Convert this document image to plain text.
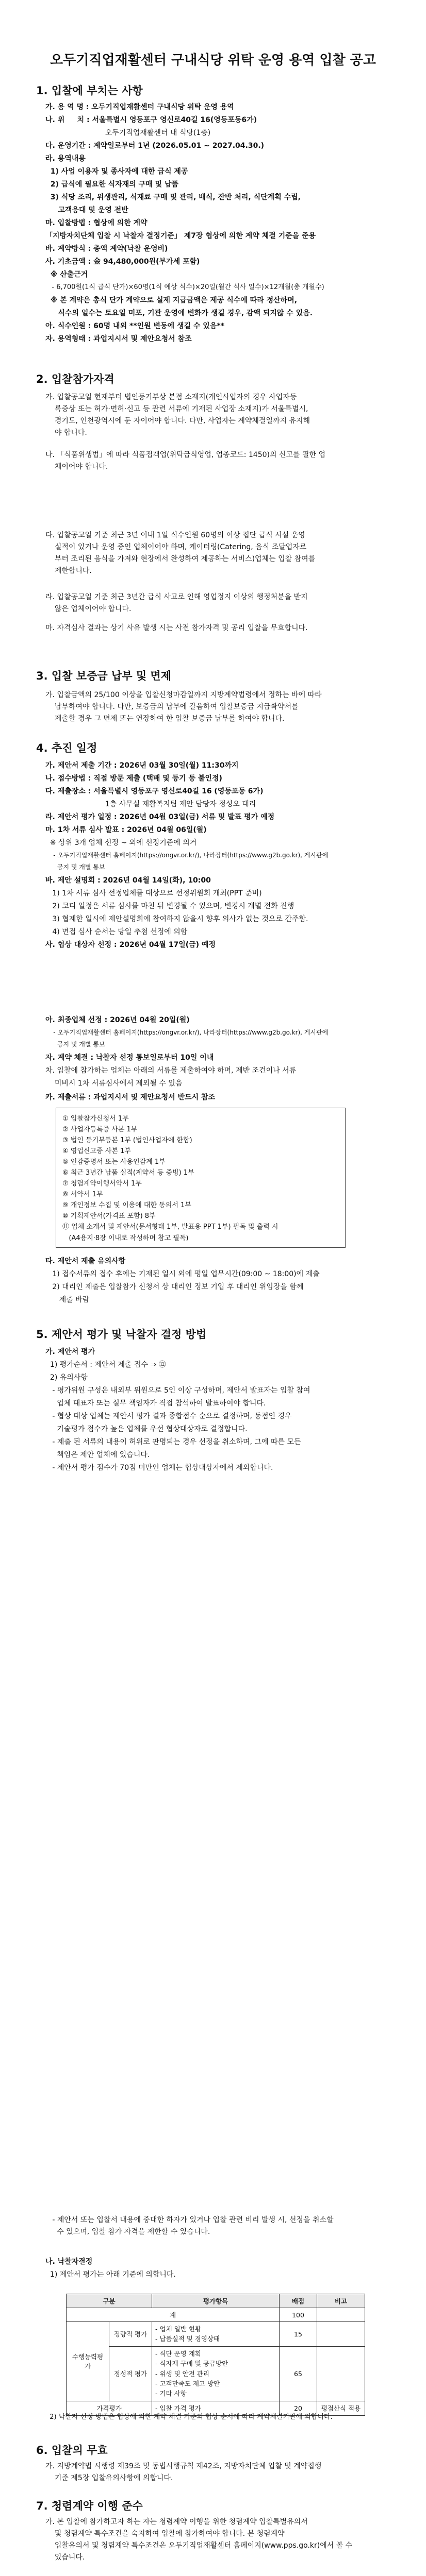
오두기직업재활센터 구내식당 위탁 운영 용역 입찰 공고
1. 입찰에 부치는 사항
가. 용 역 명 : 오두기직업재활센터 구내식당 위탁 운영 용역
나. 위     치 : 서울특별시 영등포구 영신로40길 16(영등포동6가)
오두기직업재활센터 내 식당(1층)
다. 운영기간 : 계약일로부터 1년 (2026.05.01 ~ 2027.04.30.)
라. 용역내용
1) 사업 이용자 및 종사자에 대한 급식 제공
2) 급식에 필요한 식자재의 구매 및 납품
3) 식당 조리, 위생관리, 식재료 구매 및 관리, 배식, 잔반 처리, 식단계획 수립,
고객응대 및 운영 전반
마. 입찰방법 : 협상에 의한 계약
「지방자치단체 입찰 시 낙찰자 결정기준」 제7장 협상에 의한 계약 체결 기준을 준용
바. 계약방식 : 총액 계약(낙찰 운영비)
사. 기초금액 : 金 94,480,000원(부가세 포함)
※ 산출근거
- 6,700원(1식 급식 단가)×60명(1식 예상 식수)×20일(월간 식사 일수)×12개월(총 개월수)
※ 본 계약은 총식 단가 계약으로 실제 지급금액은 제공 식수에 따라 정산하며,
식수의 일수는 토요일 미포, 기관 운영에 변화가 생길 경우, 감액 되지않 수 있음.
아. 식수인원 : 60명 내외 **인원 변동에 생길 수 있음**
자. 용역형태 : 과업지시서 및 제안요청서 참조
2. 입찰참가자격
가. 입찰공고일 현재부터 법인등기부상 본점 소재지(개인사업자의 경우 사업자등
록증상 또는 허가·면허·신고 등 관련 서류에 기재된 사업장 소재지)가 서울특별시,
경기도, 인천광역시에 둔 자이어야 합니다. 다만, 사업자는 계약체결일까지 유지해
야 합니다.
나. 「식품위생법」에 따라 식품접객업(위탁급식영업, 업종코드: 1450)의 신고를 필한 업
체이어야 합니다.
다. 입찰공고일 기준 최근 3년 이내 1일 식수인원 60명의 이상 집단 급식 시설 운영
실적이 있거나 운영 중인 업체이어야 하며, 케이터링(Catering, 음식 조달업자로
부터 조리된 음식을 가져와 현장에서 완성하여 제공하는 서비스)업체는 입찰 참여를
제한합니다.
라. 입찰공고일 기준 최근 3년간 급식 사고로 인해 영업정지 이상의 행정처분을 받지
않은 업체이어야 합니다.
마. 자격심사 결과는 상기 사유 발생 시는 사전 참가자격 및 공리 입찰을 무효합니다.
3. 입찰 보증금 납부 및 면제
가. 입찰금액의 25/100 이상을 입찰신청마감일까지 지방계약법령에서 정하는 바에 따라
납부하여야 합니다. 다만, 보증금의 납부에 갈음하여 입찰보증금 지급확약서를
제출할 경우 그 면제 또는 연장하여 한 입찰 보증금 납부를 하여야 합니다.
4. 추진 일정
가. 제안서 제출 기간 : 2026년 03월 30일(월) 11:30까지
나. 접수방법 : 직접 방문 제출 (택배 및 등기 등 불인정)
다. 제출장소 : 서울특별시 영등포구 영신로40길 16 (영등포동 6가)
1층 사무실 재활복지팀 제안 담당자 정성오 대리
라. 제안서 평가 일정 : 2026년 04월 03일(금) 서류 및 발표 평가 예정
마. 1차 서류 심사 발표 : 2026년 04월 06일(월)
※ 상위 3개 업체 선정 ~ 외에 선정기준에 의거
- 오두기직업재활센터 홈페이지(https://ongvr.or.kr/), 나라장터(https://www.g2b.go.kr), 게시판에
공지 및 개별 통보
바. 제안 설명회 : 2026년 04월 14일(화), 10:00
1) 1차 서류 심사 선정업체를 대상으로 선정위원회 개최(PPT 준비)
2) 코디 일정은 서류 심사를 마친 뒤 변경될 수 있으며, 변경시 개별 전화 진행
3) 협제한 일시에 제안설명회에 참여하지 않을시 향후 의사가 없는 것으로 간주함.
4) 면접 심사 순서는 당일 추첨 선정에 의함
사. 협상 대상자 선정 : 2026년 04월 17일(금) 예정
아. 최종업체 선정 : 2026년 04월 20일(월)
- 오두기직업재활센터 홈페이지(https://ongvr.or.kr/), 나라장터(https://www.g2b.go.kr), 게시판에
공지 및 개별 통보
자. 계약 체결 : 낙찰자 선정 통보일로부터 10일 이내
차. 입찰에 참가하는 업체는 아래의 서류를 제출하여야 하며, 제반 조건이나 서류
미비시 1차 서류심사에서 제외될 수 있음
카. 제출서류 : 과업지시서 및 제안요청서 반드시 참조
① 입찰참가신청서 1부
② 사업자등록증 사본 1부
③ 법인 등기부등본 1부 (법인사업자에 한함)
④ 영업신고증 사본 1부
⑤ 인감증명서 또는 사용인감계 1부
⑥ 최근 3년간 납품 실적(계약서 등 증빙) 1부
⑦ 청렴계약이행서약서 1부
⑧ 서약서 1부
⑨ 개인정보 수집 및 이용에 대한 동의서 1부
⑩ 기획제안서(가격표 포함) 8부
⑪ 업체 소개서 및 제안서(문서형태 1부, 발표용 PPT 1부) 필독 및 출력 시
(A4용지·8장 이내로 작성하며 참고 필독)
타. 제안서 제출 유의사항
1) 접수서류의 접수 후에는 기재된 일시 외에 평일 업무시간(09:00 ~ 18:00)에 제출
2) 대리인 제출은 입찰참가 신청서 상 대리인 정보 기입 후 대리인 위임장을 함께
제출 바람
5. 제안서 평가 및 낙찰자 결정 방법
가. 제안서 평가
1) 평가순서 : 제안서 제출 접수 ⇒ ⑫
2) 유의사항
- 평가위원 구성은 내외부 위원으로 5인 이상 구성하며, 제안서 발표자는 입찰 참여
업체 대표자 또는 실무 책임자가 직접 참석하여 발표하여야 합니다.
- 협상 대상 업체는 제안서 평가 결과 종합점수 순으로 결정하며, 동점인 경우
기술평가 점수가 높은 업체를 우선 협상대상자로 결정합니다.
- 제출 된 서류의 내용이 허위로 판명되는 경우 선정을 취소하며, 그에 따른 모든
책임은 제안 업체에 있습니다.
- 제안서 평가 점수가 70점 미만인 업체는 협상대상자에서 제외합니다.
- 제안서 또는 입찰서 내용에 중대한 하자가 있거나 입찰 관련 비리 발생 시, 선정을 취소할
수 있으며, 입찰 참가 자격을 제한할 수 있습니다.
나. 낙찰자결정
1) 제안서 평가는 아래 기준에 의합니다.
구분		평가항목	배점	비고
계			100	
수행능력평가	정량적 평가	- 업체 일반 현황
- 납품실적 및 경영상태	15	
	정성적 평가	- 식단 운영 계획
- 식자재 구매 및 공급방안
- 위생 및 안전 관리
- 고객만족도 제고 방안
- 기타 사항	65	
가격평가		- 입찰 가격 평가	20	평점산식 적용
2) 낙찰자 선정 방법은 협상에 의한 계약 체결 기준의 협상 순서에 따라 계약체결기관에 의합니다.
6. 입찰의 무효
가. 지방계약법 시행령 제39조 및 동법시행규칙 제42조, 지방자치단체 입찰 및 계약집행
기준 제5장 입찰유의사항에 의합니다.
7. 청렴계약 이행 준수
가. 본 입찰에 참가하고자 하는 자는 청렴계약 이행을 위한 청렴계약 입찰특별유의서
및 청렴계약 특수조건을 숙지하여 입찰에 참가하여야 합니다. 본 청렴계약
입찰유의서 및 청렴계약 특수조건은 오두기직업재활센터 홈페이지(www.pps.go.kr)에서 볼 수
있습니다.
